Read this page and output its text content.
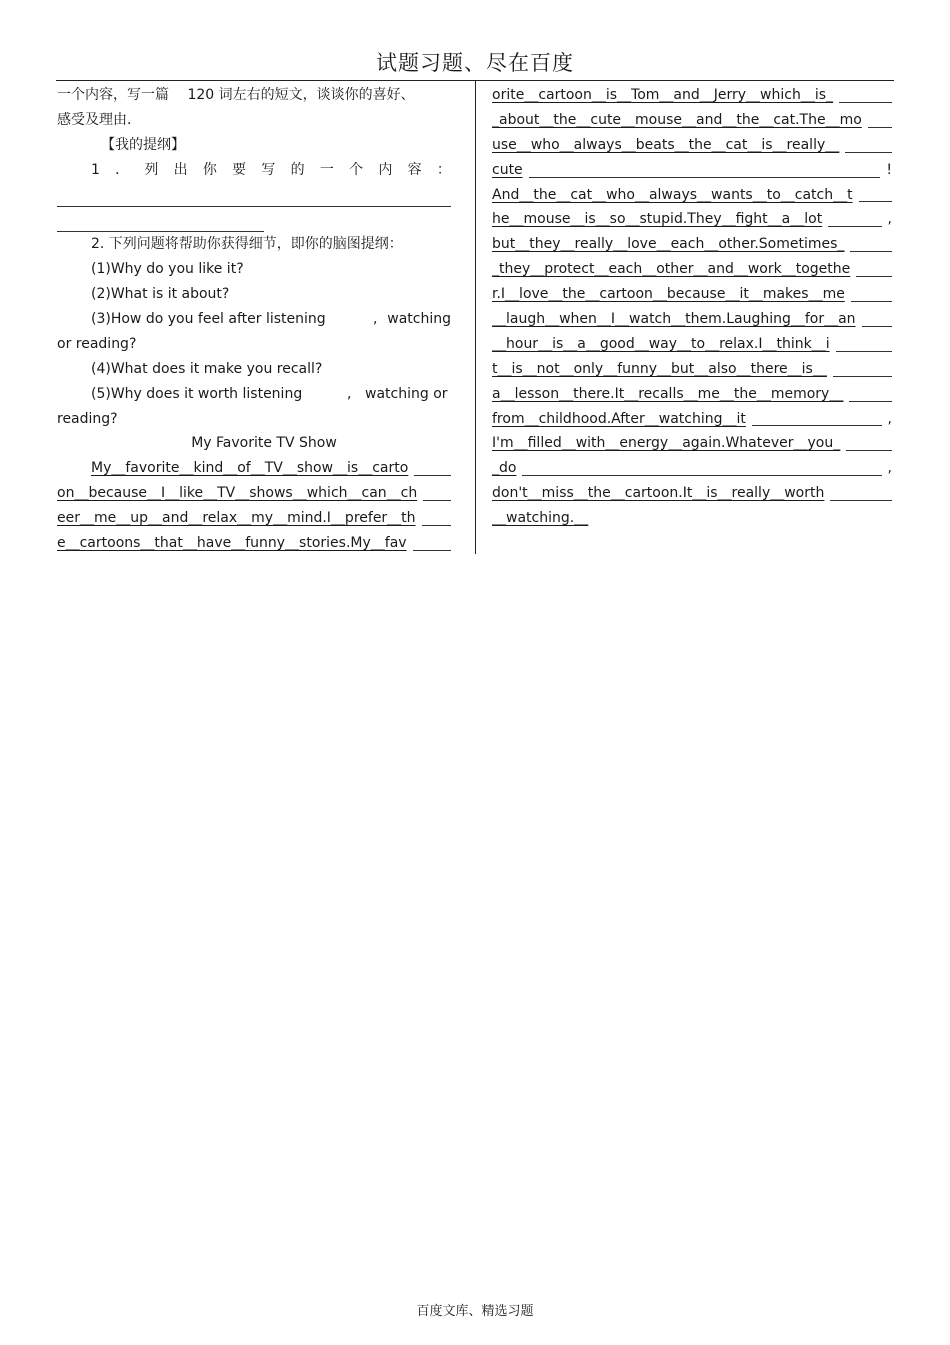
试题习题、尽在百度
一个内容，写一篇　 120 词左右的短文，谈谈你的喜好、
感受及理由．
【我的提纲】
1 ． 列 出 你 要 写 的 一 个 内 容 ：
2. 下列问题将帮助你获得细节，即你的脑图提纲：
(1)Why do you like it?
(2)What is it about?
(3)How do you feel after listening	, watching
or reading?
(4)What does it make you recall?
(5)Why does it worth listening	, watching or
reading?
My Favorite TV Show
My__favorite__kind__of__TV__show__is__carto
on__because__I__like__TV__shows__which__can__ch
eer__me__up__and__relax__my__mind.I__prefer__th
e__cartoons__that__have__funny__stories.My__fav
orite__cartoon__is__Tom__and__Jerry__which__is_
_about__the__cute__mouse__and__the__cat.The__mo
use__who__always__beats__the__cat__is__really__
cute	!
And__the__cat__who__always__wants__to__catch__t
he__mouse__is__so__stupid.They__fight__a__lot	,
but__they__really__love__each__other.Sometimes_
_they__protect__each__other__and__work__togethe
r.I__love__the__cartoon__because__it__makes__me
__laugh__when__I__watch__them.Laughing__for__an
__hour__is__a__good__way__to__relax.I__think__i
t__is__not__only__funny__but__also__there__is__
a__lesson__there.It__recalls__me__the__memory__
from__childhood.After__watching__it	,
I'm__filled__with__energy__again.Whatever__you_
_do	,
don't__miss__the__cartoon.It__is__really__worth
__watching.__
百度文库、精选习题
